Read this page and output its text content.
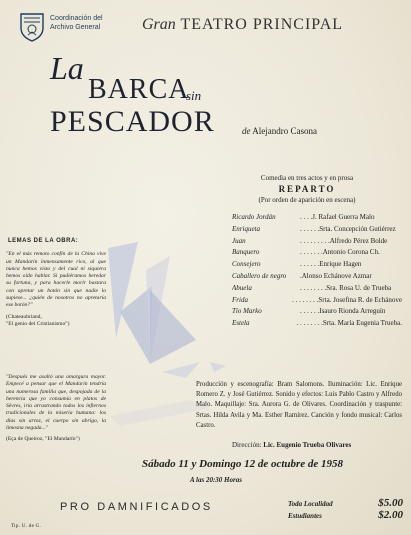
Coordinación del
Archivo General	Gran TEATRO PRINCIPAL
La
BARCA
sin
PESCADOR	de Alejandro Casona
Comedia en tres actos y en prosa
REPARTO
(Por orden de aparición en escena)
Ricardo Jordán	. . . . J. Rafael Guerra Malo
Enriqueta	. . . . . . Srta. Concepción Gutiérrez
Juan	. . . . . . . . . Alfredo Pérez Bolde
Banquero	. . . . . . . Antonio Corona Ch.
Consejero	. . . . . . Enrique Hagen
Caballero de negro	. Alonso Echánove Azmar
Abuela	. . . . . . . . Sra. Rosa U. de Trueba
Frida	. . . . . . . . Srta. Josefina R. de Echánove
Tío Marko	. . . . . . Isauro Rionda Arreguín
Estela	. . . . . . . . Srta. María Eugenia Trueba.
LEMAS DE LA OBRA:
"En el más remoto confín de la China vive un Mandarín inmensamente rico, al que nunca hemos visto y del cual ni siquiera hemos oído hablar. Si pudiéramos heredar su fortuna, y para hacerle morir bastara con apretar un botón sin que nadie lo supiese... ¿quién de nosotros no apretaría ese botón?"
(Chateaubriand,
"El genio del Cristianismo")
"Después me asaltó una amargura mayor. Empecé a pensar que el Mandarín tendría una numerosa familia que, despojada de la herencia que yo consumía en platos de Sèvres, iría arrastrando todos los infiernos tradicionales de la miseria humana: los días sin arroz, el cuerpo sin abrigo, la limosna negada..."
(Eça de Queiroz, "El Mandarín")
Producción y escenografía: Bram Salomons. Iluminación: Lic. Enrique Romero Z. y José Gutiérrez. Sonido y efectos: Luis Pablo Castro y Alfredo Malo. Maquillaje: Sra. Aurora G. de Olivares. Coordinación y traspunte: Srtas. Hilda Avila y Ma. Esther Ramírez. Canción y fondo musical: Carlos Castro.
Dirección: Lic. Eugenio Trueba Olivares
Sábado 11 y Domingo 12 de octubre de 1958
A las 20:30 Horas
PRO DAMNIFICADOS	Toda Localidad	$5.00
Estudiantes	$2.00
Tip. U. de G.
